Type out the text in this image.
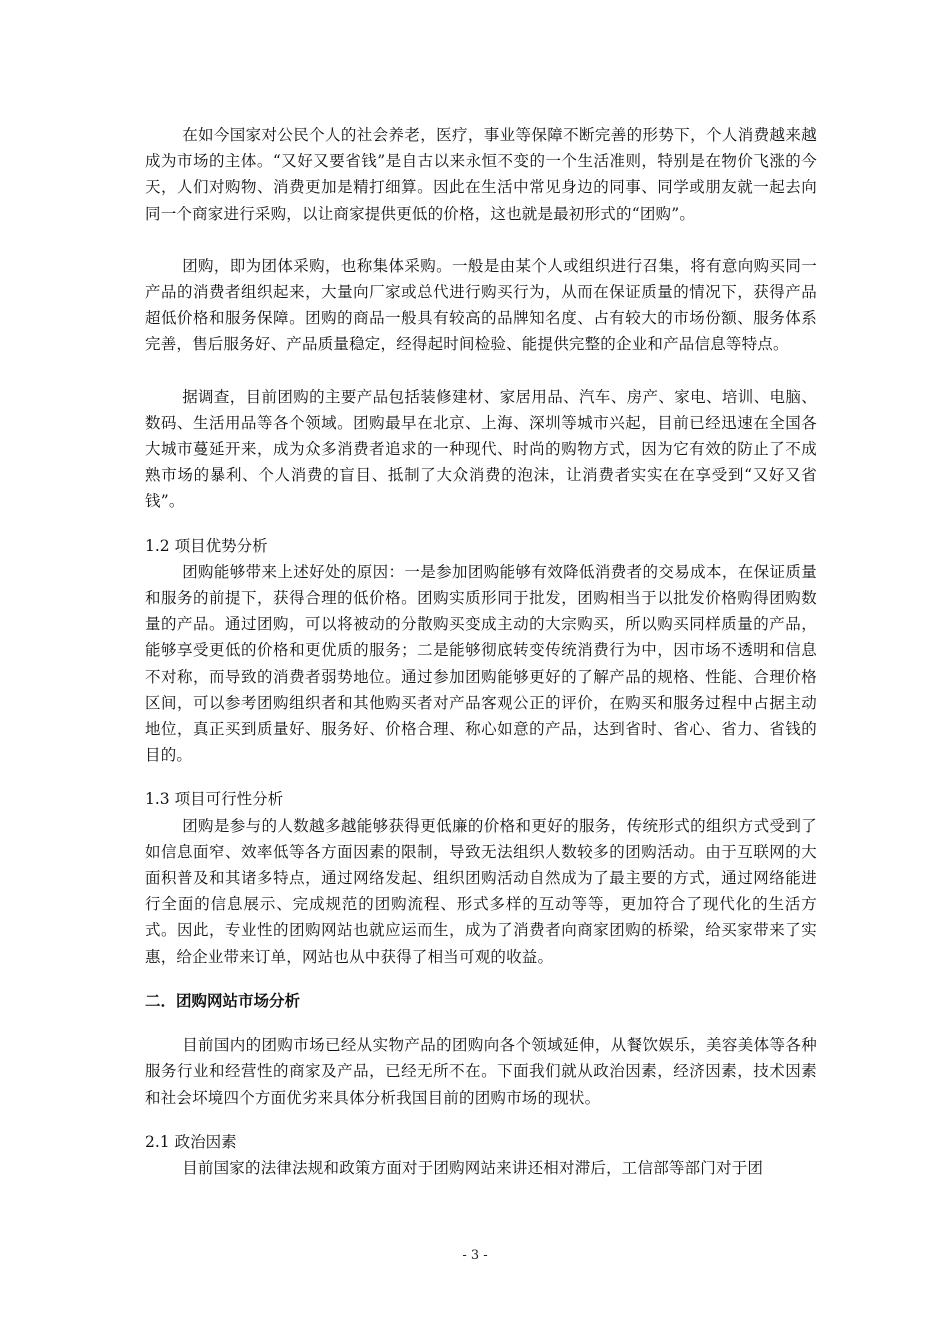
在如今国家对公民个人的社会养老，医疗，事业等保障不断完善的形势下，个人消费越来越成为市场的主体。“又好又要省钱”是自古以来永恒不变的一个生活准则，特别是在物价飞涨的今天，人们对购物、消费更加是精打细算。因此在生活中常见身边的同事、同学或朋友就一起去向同一个商家进行采购，以让商家提供更低的价格，这也就是最初形式的“团购”。

团购，即为团体采购，也称集体采购。一般是由某个人或组织进行召集，将有意向购买同一产品的消费者组织起来，大量向厂家或总代进行购买行为，从而在保证质量的情况下，获得产品超低价格和服务保障。团购的商品一般具有较高的品牌知名度、占有较大的市场份额、服务体系完善，售后服务好、产品质量稳定，经得起时间检验、能提供完整的企业和产品信息等特点。

据调查，目前团购的主要产品包括装修建材、家居用品、汽车、房产、家电、培训、电脑、数码、生活用品等各个领域。团购最早在北京、上海、深圳等城市兴起，目前已经迅速在全国各大城市蔓延开来，成为众多消费者追求的一种现代、时尚的购物方式，因为它有效的防止了不成熟市场的暴利、个人消费的盲目、抵制了大众消费的泡沫，让消费者实实在在享受到“又好又省钱”。

1.2 项目优势分析

团购能够带来上述好处的原因：一是参加团购能够有效降低消费者的交易成本，在保证质量和服务的前提下，获得合理的低价格。团购实质形同于批发，团购相当于以批发价格购得团购数量的产品。通过团购，可以将被动的分散购买变成主动的大宗购买，所以购买同样质量的产品，能够享受更低的价格和更优质的服务；二是能够彻底转变传统消费行为中，因市场不透明和信息不对称，而导致的消费者弱势地位。通过参加团购能够更好的了解产品的规格、性能、合理价格区间，可以参考团购组织者和其他购买者对产品客观公正的评价，在购买和服务过程中占据主动地位，真正买到质量好、服务好、价格合理、称心如意的产品，达到省时、省心、省力、省钱的目的。

1.3 项目可行性分析

团购是参与的人数越多越能够获得更低廉的价格和更好的服务，传统形式的组织方式受到了如信息面窄、效率低等各方面因素的限制，导致无法组织人数较多的团购活动。由于互联网的大面积普及和其诸多特点，通过网络发起、组织团购活动自然成为了最主要的方式，通过网络能进行全面的信息展示、完成规范的团购流程、形式多样的互动等等，更加符合了现代化的生活方式。因此，专业性的团购网站也就应运而生，成为了消费者向商家团购的桥梁，给买家带来了实惠，给企业带来订单，网站也从中获得了相当可观的收益。

二．团购网站市场分析

目前国内的团购市场已经从实物产品的团购向各个领域延伸，从餐饮娱乐，美容美体等各种服务行业和经营性的商家及产品，已经无所不在。下面我们就从政治因素，经济因素，技术因素和社会坏境四个方面优劣来具体分析我国目前的团购市场的现状。

2.1 政治因素

目前国家的法律法规和政策方面对于团购网站来讲还相对滞后，工信部等部门对于团

- 3 -
